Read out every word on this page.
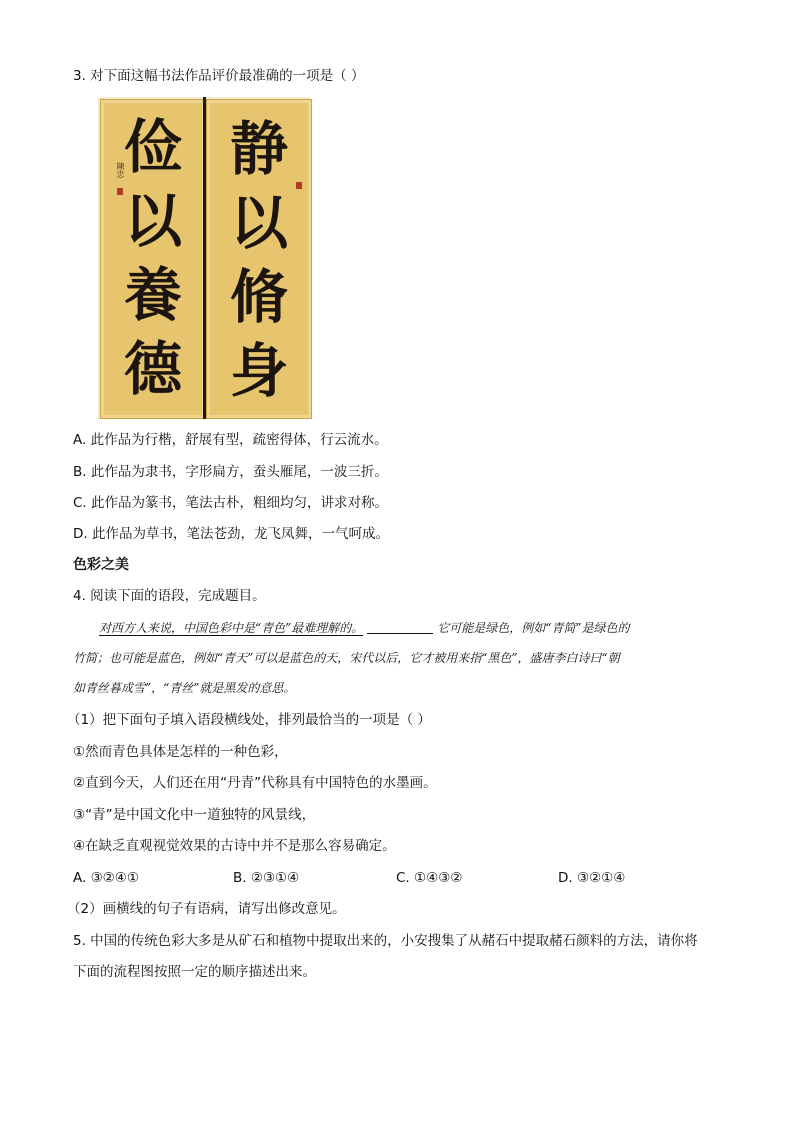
3. 对下面这幅书法作品评价最准确的一项是（ ）
俭
以
養
德
陳忠 静
以
脩
身
A. 此作品为行楷，舒展有型，疏密得体，行云流水。
B. 此作品为隶书，字形扁方，蚕头雁尾，一波三折。
C. 此作品为篆书，笔法古朴，粗细均匀，讲求对称。
D. 此作品为草书，笔法苍劲，龙飞凤舞，一气呵成。
色彩之美
4. 阅读下面的语段，完成题目。
对西方人来说，中国色彩中是“青色”最难理解的。	它可能是绿色，例如“青简”是绿色的
竹简；也可能是蓝色，例如“青天”可以是蓝色的天，宋代以后，它才被用来指“黑色”，盛唐李白诗曰“朝
如青丝暮成雪”，“青丝”就是黑发的意思。
（1）把下面句子填入语段横线处，排列最恰当的一项是（ ）
①然而青色具体是怎样的一种色彩，
②直到今天，人们还在用“丹青”代称具有中国特色的水墨画。
③“青”是中国文化中一道独特的风景线，
④在缺乏直观视觉效果的古诗中并不是那么容易确定。
A. ③②④①	B. ②③①④	C. ①④③②	D. ③②①④
（2）画横线的句子有语病，请写出修改意见。
5. 中国的传统色彩大多是从矿石和植物中提取出来的，小安搜集了从赭石中提取赭石颜料的方法，请你将
下面的流程图按照一定的顺序描述出来。
